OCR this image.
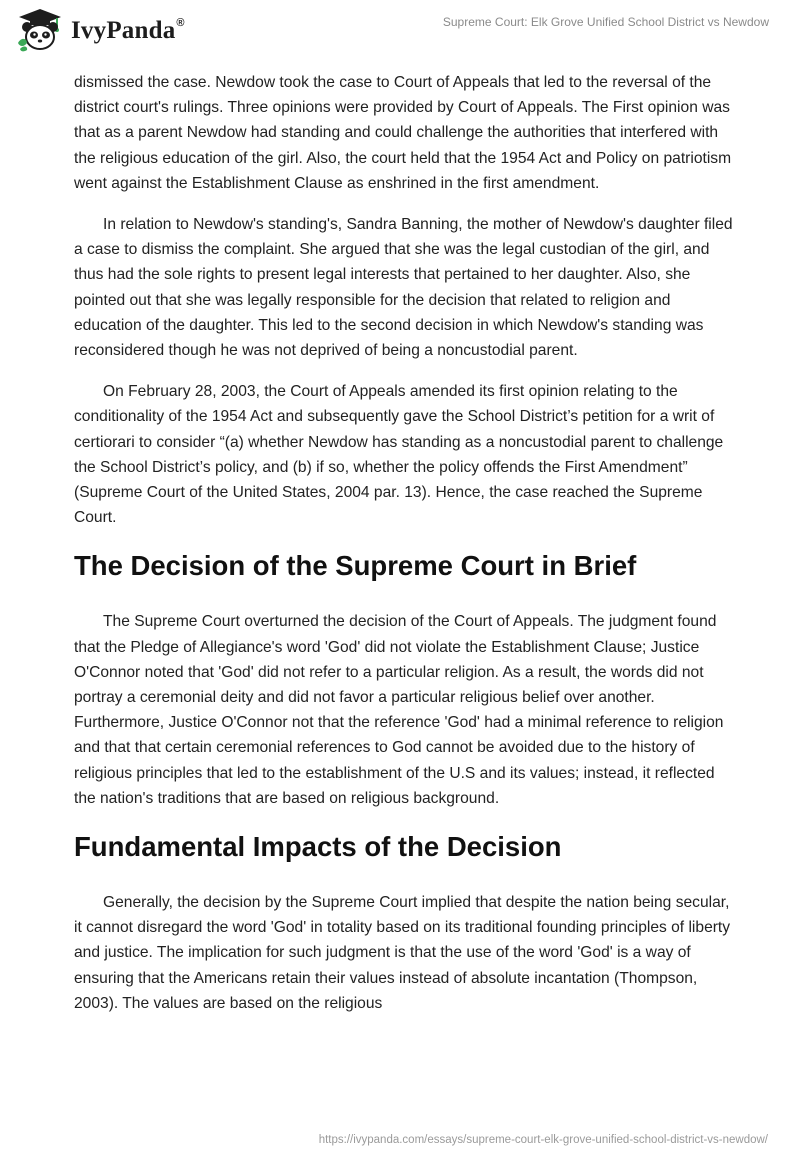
IvyPanda®	Supreme Court: Elk Grove Unified School District vs Newdow

dismissed the case. Newdow took the case to Court of Appeals that led to the reversal of the district court's rulings. Three opinions were provided by Court of Appeals. The First opinion was that as a parent Newdow had standing and could challenge the authorities that interfered with the religious education of the girl. Also, the court held that the 1954 Act and Policy on patriotism went against the Establishment Clause as enshrined in the first amendment.

In relation to Newdow's standing's, Sandra Banning, the mother of Newdow's daughter filed a case to dismiss the complaint. She argued that she was the legal custodian of the girl, and thus had the sole rights to present legal interests that pertained to her daughter. Also, she pointed out that she was legally responsible for the decision that related to religion and education of the daughter. This led to the second decision in which Newdow's standing was reconsidered though he was not deprived of being a noncustodial parent.

On February 28, 2003, the Court of Appeals amended its first opinion relating to the conditionality of the 1954 Act and subsequently gave the School District’s petition for a writ of certiorari to consider “(a) whether Newdow has standing as a noncustodial parent to challenge the School District’s policy, and (b) if so, whether the policy offends the First Amendment” (Supreme Court of the United States, 2004 par. 13). Hence, the case reached the Supreme Court.

The Decision of the Supreme Court in Brief

The Supreme Court overturned the decision of the Court of Appeals. The judgment found that the Pledge of Allegiance's word 'God' did not violate the Establishment Clause; Justice O'Connor noted that 'God' did not refer to a particular religion. As a result, the words did not portray a ceremonial deity and did not favor a particular religious belief over another. Furthermore, Justice O'Connor not that the reference 'God' had a minimal reference to religion and that that certain ceremonial references to God cannot be avoided due to the history of religious principles that led to the establishment of the U.S and its values; instead, it reflected the nation's traditions that are based on religious background.

Fundamental Impacts of the Decision

Generally, the decision by the Supreme Court implied that despite the nation being secular, it cannot disregard the word 'God' in totality based on its traditional founding principles of liberty and justice. The implication for such judgment is that the use of the word 'God' is a way of ensuring that the Americans retain their values instead of absolute incantation (Thompson, 2003). The values are based on the religious

https://ivypanda.com/essays/supreme-court-elk-grove-unified-school-district-vs-newdow/
